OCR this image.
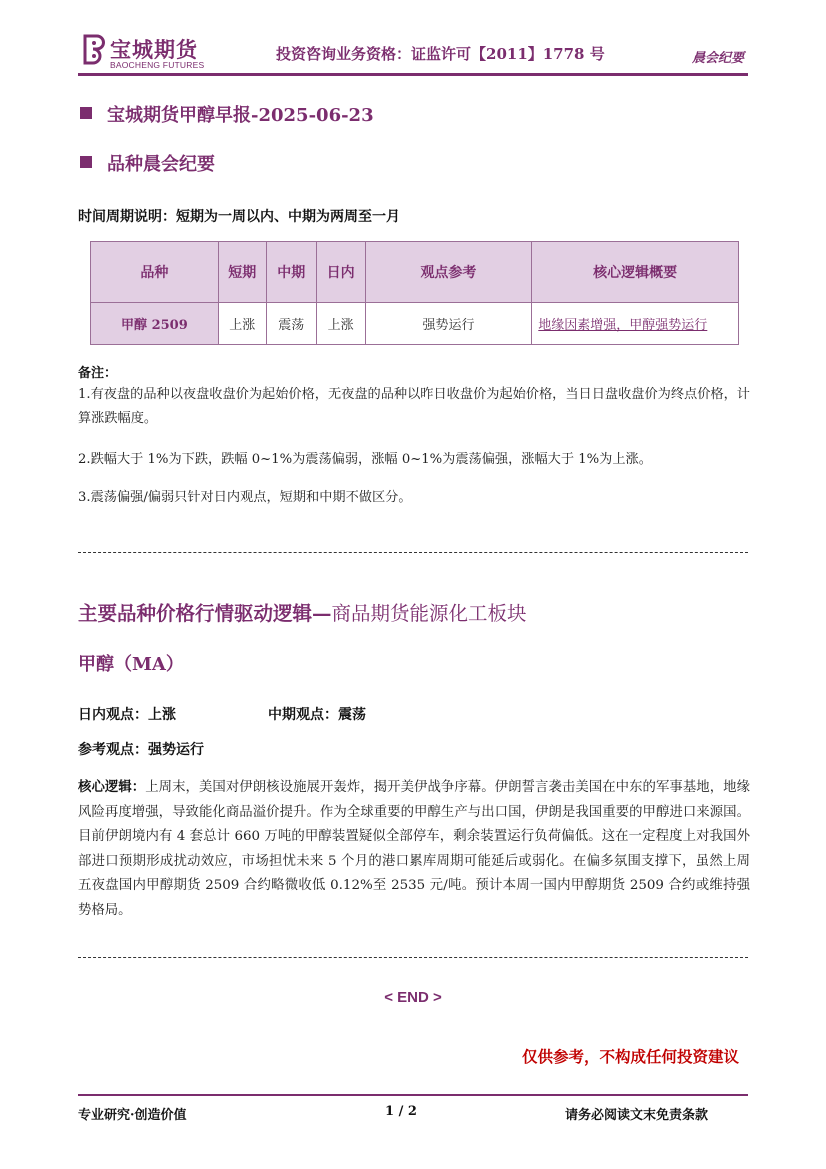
宝城期货
BAOCHENG FUTURES
投资咨询业务资格：证监许可【2011】1778 号	晨会纪要
宝城期货甲醇早报-2025-06-23
品种晨会纪要
时间周期说明：短期为一周以内、中期为两周至一月
品种	短期	中期	日内	观点参考	核心逻辑概要
甲醇 2509	上涨	震荡	上涨	强势运行	地缘因素增强，甲醇强势运行
备注：
1.有夜盘的品种以夜盘收盘价为起始价格，无夜盘的品种以昨日收盘价为起始价格，当日日盘收盘价为终点价格，计算涨跌幅度。
2.跌幅大于 1%为下跌，跌幅 0~1%为震荡偏弱，涨幅 0~1%为震荡偏强，涨幅大于 1%为上涨。
3.震荡偏强/偏弱只针对日内观点，短期和中期不做区分。
主要品种价格行情驱动逻辑—商品期货能源化工板块
甲醇（MA）
日内观点：上涨	中期观点：震荡
参考观点：强势运行
核心逻辑：上周末，美国对伊朗核设施展开轰炸，揭开美伊战争序幕。伊朗誓言袭击美国在中东的军事基地，地缘风险再度增强，导致能化商品溢价提升。作为全球重要的甲醇生产与出口国，伊朗是我国重要的甲醇进口来源国。目前伊朗境内有 4 套总计 660 万吨的甲醇装置疑似全部停车，剩余装置运行负荷偏低。这在一定程度上对我国外部进口预期形成扰动效应，市场担忧未来 5 个月的港口累库周期可能延后或弱化。在偏多氛围支撑下，虽然上周五夜盘国内甲醇期货 2509 合约略微收低 0.12%至 2535 元/吨。预计本周一国内甲醇期货 2509 合约或维持强势格局。
< END >
仅供参考，不构成任何投资建议
专业研究·创造价值	1 / 2	请务必阅读文末免责条款
